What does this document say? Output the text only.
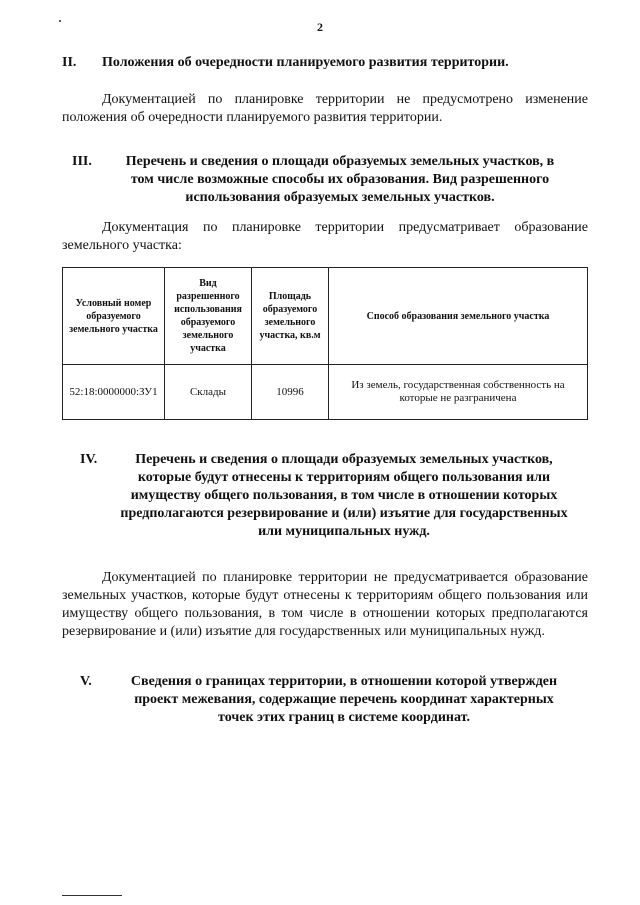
2
II.	Положения об очередности планируемого развития территории.
Документацией по планировке территории не предусмотрено изменение положения об очередности планируемого развития территории.
III.	Перечень и сведения о площади образуемых земельных участков, в
том числе возможные способы их образования. Вид разрешенного
использования образуемых земельных участков.
Документация по планировке территории предусматривает образование земельного участка:
Условный номер образуемого земельного участка	Вид разрешенного использования образуемого земельного участка	Площадь образуемого земельного участка, кв.м	Способ образования земельного участка
52:18:0000000:ЗУ1	Склады	10996	Из земель, государственная собственность на которые не разграничена
IV.	Перечень и сведения о площади образуемых земельных участков,
которые будут отнесены к территориям общего пользования или
имуществу общего пользования, в том числе в отношении которых
предполагаются резервирование и (или) изъятие для государственных
или муниципальных нужд.
Документацией по планировке территории не предусматривается образование земельных участков, которые будут отнесены к территориям общего пользования или имуществу общего пользования, в том числе в отношении которых предполагаются резервирование и (или) изъятие для государственных или муниципальных нужд.
V.	Сведения о границах территории, в отношении которой утвержден
проект межевания, содержащие перечень координат характерных
точек этих границ в системе координат.
